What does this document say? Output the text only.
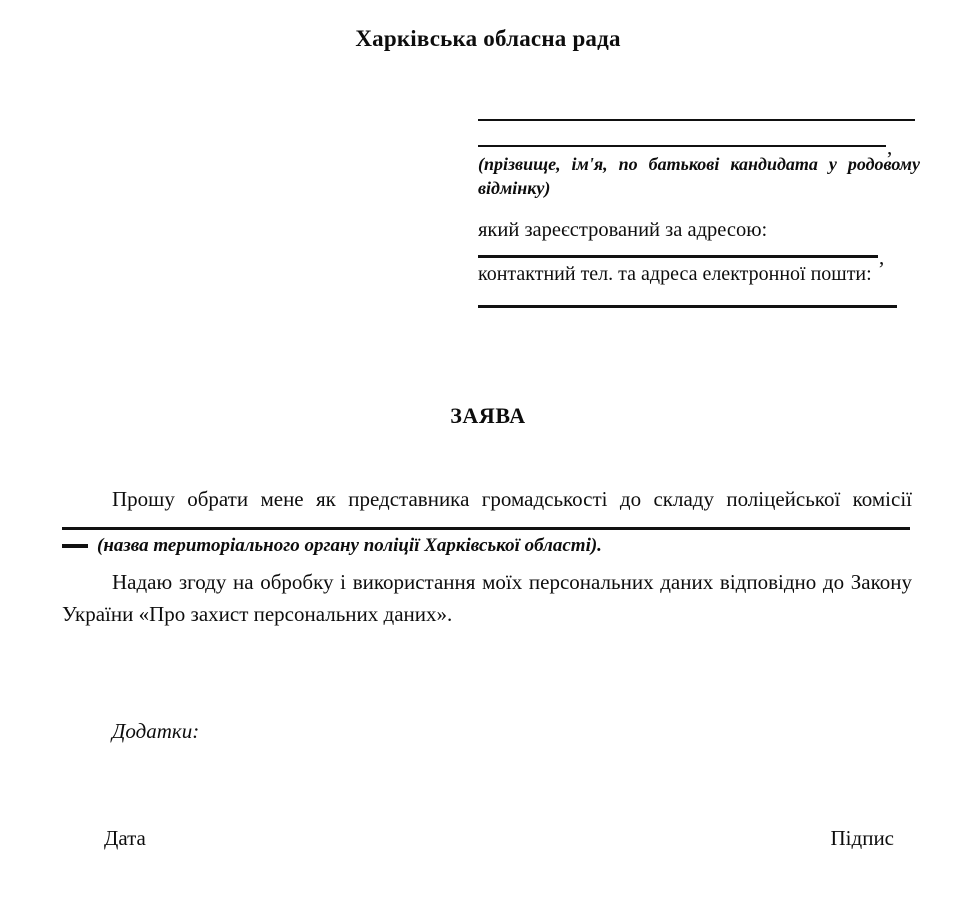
Харківська обласна рада
,
(прізвище, ім'я, по батькові кандидата у родовому відмінку)
який зареєстрований за адресою:
,
контактний тел. та адреса електронної пошти:
ЗАЯВА

Прошу обрати мене як представника громадськості до складу поліцейської комісії

(назва територіального органу поліції Харківської області).

Надаю згоду на обробку і використання моїх персональних даних відповідно до Закону України «Про захист персональних даних».

Додатки:
Дата	Підпис
